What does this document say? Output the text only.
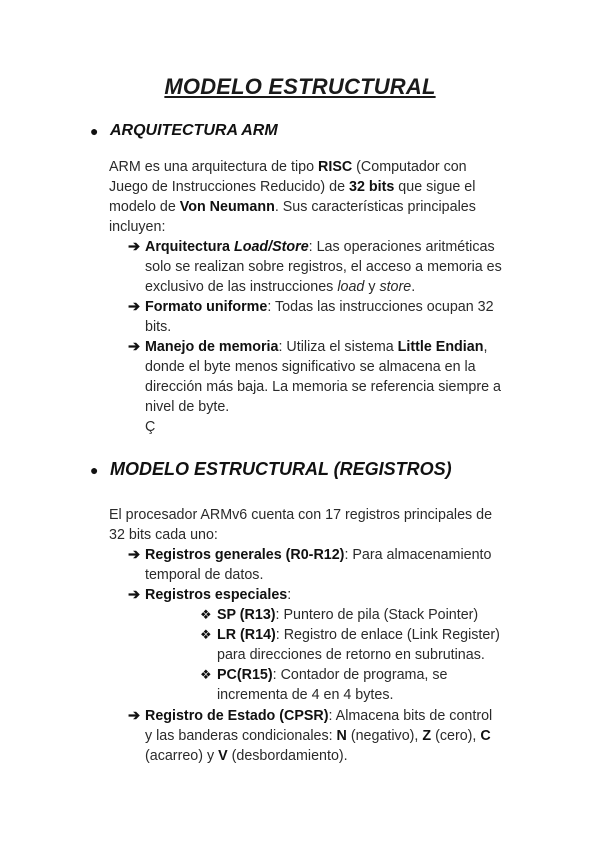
MODELO ESTRUCTURAL
● ARQUITECTURA ARM
ARM es una arquitectura de tipo RISC (Computador con
Juego de Instrucciones Reducido) de 32 bits que sigue el
modelo de Von Neumann. Sus características principales
incluyen:
➔ Arquitectura Load/Store: Las operaciones aritméticas
solo se realizan sobre registros, el acceso a memoria es
exclusivo de las instrucciones load y store.
➔ Formato uniforme: Todas las instrucciones ocupan 32
bits.
➔ Manejo de memoria: Utiliza el sistema Little Endian,
donde el byte menos significativo se almacena en la
dirección más baja. La memoria se referencia siempre a
nivel de byte.
Ç
● MODELO ESTRUCTURAL (REGISTROS)
El procesador ARMv6 cuenta con 17 registros principales de
32 bits cada uno:
➔ Registros generales (R0-R12): Para almacenamiento
temporal de datos.
➔ Registros especiales:
❖ SP (R13): Puntero de pila (Stack Pointer)
❖ LR (R14): Registro de enlace (Link Register)
para direcciones de retorno en subrutinas.
❖ PC(R15): Contador de programa, se
incrementa de 4 en 4 bytes.
➔ Registro de Estado (CPSR): Almacena bits de control
y las banderas condicionales: N (negativo), Z (cero), C
(acarreo) y V (desbordamiento).
